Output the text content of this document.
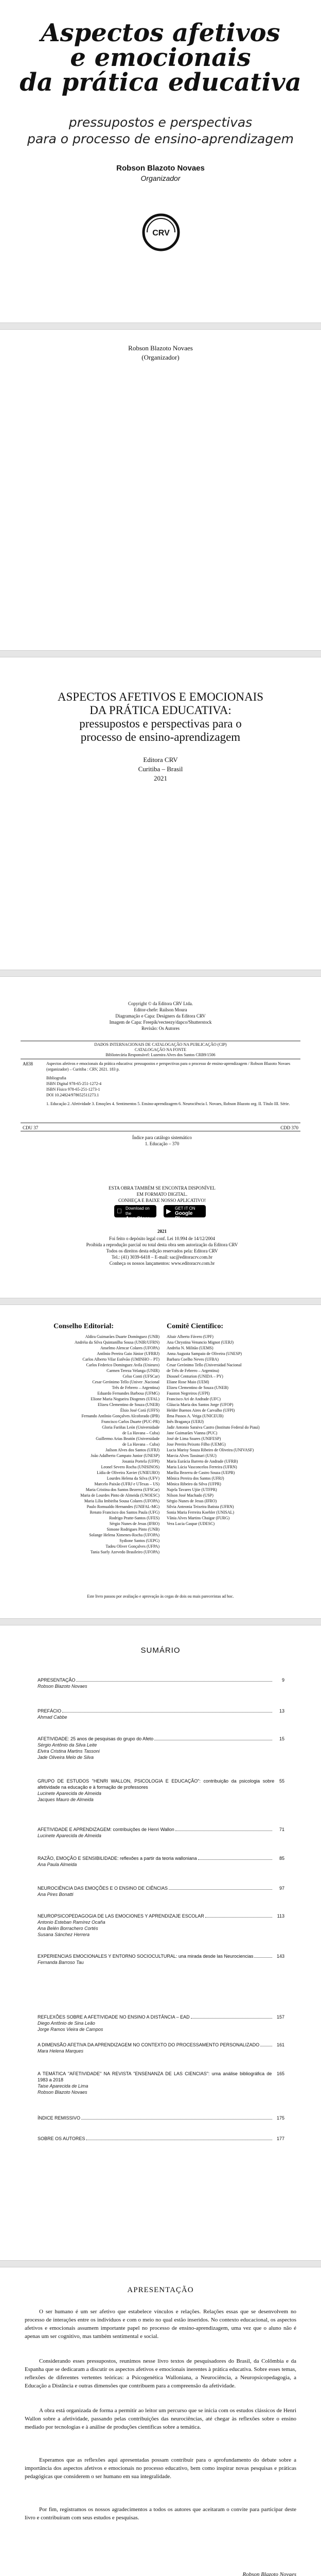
Aspectos afetivos
e emocionais
da prática educativa
pressupostos e perspectivas
para o processo de ensino-aprendizagem
Robson Blazoto Novaes
Organizador
CRV
Robson Blazoto Novaes
(Organizador)
ASPECTOS AFETIVOS E EMOCIONAIS
DA PRÁTICA EDUCATIVA:
pressupostos e perspectivas para o
processo de ensino-aprendizagem
Editora CRV
Curitiba – Brasil
2021
Copyright © da Editora CRV Ltda.
Editor-chefe: Railson Moura
Diagramação e Capa: Designers da Editora CRV
Imagem de Capa: Freepik/vecteezy/dapco/Shutterstock
Revisão: Os Autores
DADOS INTERNACIONAIS DE CATALOGAÇÃO NA PUBLICAÇÃO (CIP)
CATALOGAÇÃO NA FONTE
Bibliotecária Responsável: Luzenira Alves dos Santos CRB9/1506
A838	Aspectos afetivos e emocionais da prática educativa: pressupostos e perspectivas para o processo de ensino-aprendizagem / Robson Blazoto Novaes (organizador) – Curitiba : CRV, 2021. 183 p.
Bibliografia
ISBN Digital 978-65-251-1272-4
ISBN Físico 978-65-251-1273-1
DOI 10.24824/978652511273.1
1. Educação 2. Afetividade 3. Emoções 4. Sentimentos 5. Ensino-aprendizagem 6. Neurociência I. Novaes, Robson Blazoto org. II. Título III. Série.
CDU 37	CDD 370
Índice para catálogo sistemático
1. Educação – 370
ESTA OBRA TAMBÉM SE ENCONTRA DISPONÍVEL
EM FORMATO DIGITAL.
CONHEÇA E BAIXE NOSSO APLICATIVO!
Download on the
App Store
▶ GET IT ON
Google Play
2021
Foi feito o depósito legal conf. Lei 10.994 de 14/12/2004
Proibida a reprodução parcial ou total desta obra sem autorização da Editora CRV
Todos os direitos desta edição reservados pela: Editora CRV
Tel.: (41) 3039-6418 – E-mail: sac@editoracrv.com.br
Conheça os nossos lançamentos: www.editoracrv.com.br
Conselho Editorial:	Comitê Científico:
Aldira Guimarães Duarte Domínguez (UNB)
Andréia da Silva Quintanilha Sousa (UNIR/UFRN)
Anselmo Alencar Colares (UFOPA)
Antônio Pereira Gaio Júnior (UFRRJ)
Carlos Alberto Vilar Estêvão (UMINHO – PT)
Carlos Federico Dominguez Avila (Unieuro)
Carmen Tereza Velanga (UNIR)
Celso Conti (UFSCar)
Cesar Gerónimo Tello (Univer .Nacional
Três de Febrero – Argentina)
Eduardo Fernandes Barbosa (UFMG)
Elione Maria Nogueira Diogenes (UFAL)
Elizeu Clementino de Souza (UNEB)
Élsio José Corá (UFFS)
Fernando Antônio Gonçalves Alcoforado (IPB)
Francisco Carlos Duarte (PUC-PR)
Gloria Fariñas León (Universidade
de La Havana – Cuba)
Guillermo Arias Beatón (Universidade
de La Havana – Cuba)
Jailson Alves dos Santos (UFRJ)
João Adalberto Campato Junior (UNESP)
Josania Portela (UFPI)
Leonel Severo Rocha (UNISINOS)
Lídia de Oliveira Xavier (UNIEURO)
Lourdes Helena da Silva (UFV)
Marcelo Paixão (UFRJ e UTexas – US)
Maria Cristina dos Santos Bezerra (UFSCar)
Maria de Lourdes Pinto de Almeida (UNOESC)
Maria Lília Imbiriba Sousa Colares (UFOPA)
Paulo Romualdo Hernandes (UNIFAL-MG)
Renato Francisco dos Santos Paula (UFG)
Rodrigo Pratte-Santos (UFES)
Sérgio Nunes de Jesus (IFRO)
Simone Rodrigues Pinto (UNB)
Solange Helena Ximenes-Rocha (UFOPA)
Sydione Santos (UEPG)
Tadeu Oliver Gonçalves (UFPA)
Tania Suely Azevedo Brasileiro (UFOPA)
Altair Alberto Fávero (UPF)
Ana Chrystina Venancio Mignot (UERJ)
Andréia N. Militão (UEMS)
Anna Augusta Sampaio de Oliveira (UNESP)
Barbara Coelho Neves (UFBA)
Cesar Gerónimo Tello (Universidad Nacional
de Três de Febrero – Argentina)
Diosnel Centurion (UNIDA – PY)
Eliane Rose Maio (UEM)
Elizeu Clementino de Souza (UNEB)
Fauston Negreiros (UFPI)
Francisco Ari de Andrade (UFC)
Gláucia Maria dos Santos Jorge (UFOP)
Helder Buenos Aires de Carvalho (UFPI)
Ilma Passos A. Veiga (UNICEUB)
Inês Bragança (UERJ)
Jadir Antonio Saraiva Castro (Instituto Federal do Piauí)
Jane Guimarães Vianna (PUC)
José de Lima Soares (UNIFESP)
Jose Pereira Peixoto Filho (UEMG)
Lucia Marisy Souza Ribeiro de Oliveira (UNIVASF)
Marcia Alves Tassinari (USU)
Maria Eurácia Barreto de Andrade (UFRB)
Maria Lúcia Vasconcelos Ferreira (UFRN)
Marília Bezerra de Castro Souza (UEPB)
Mônica Pereira dos Santos (UFRJ)
Mônica Ribeiro da Silva (UFPR)
Najela Tavares Ujiie (UTFPR)
Nilson José Machado (USP)
Sérgio Nunes de Jesus (IFRO)
Silvia Anteonia Teixeira Batista (UFRN)
Sonia Maria Ferreira Koehler (UNISAL)
Vânia Alves Martins Chaigar (FURG)
Vera Lucia Gaspar (UDESC)
Este livro passou por avaliação e aprovação às cegas de dois ou mais pareceristas ad hoc.
SUMÁRIO
APRESENTAÇÃO	9
Robson Blazoto Novaes
PREFÁCIO	13
Ahmad Cabbe
AFETIVIDADE: 25 anos de pesquisas do grupo do Afeto	15
Sérgio Antônio da Silva Leite
Elvira Cristina Martins Tassoni
Jade Oliveira Melo de Silva
GRUPO DE ESTUDOS "HENRI WALLON, PSICOLOGIA E EDUCAÇÃO": contribuição da psicologia sobre afetividade na educação e à formação de professores
55
Lucinete Aparecida de Almeida
Jacques Mauro de Almeida
AFETIVIDADE E APRENDIZAGEM: contribuições de Henri Wallon	71
Lucinete Aparecida de Almeida
RAZÃO, EMOÇÃO E SENSIBILIDADE: reflexões a partir da teoria walloniana	85
Ana Paula Almeida
NEUROCIÊNCIA DAS EMOÇÕES E O ENSINO DE CIÊNCIAS	97
Ana Pires Bonatti
NEUROPSICOPEDAGOGIA DE LAS EMOCIONES Y APRENDIZAJE ESCOLAR	113
Antonio Esteban Ramírez Ocaña
Ana Belén Borrachero Cortés
Susana Sánchez Herrera
EXPERIENCIAS EMOCIONALES Y ENTORNO SOCIOCULTURAL: una mirada desde las Neurociencias	143
Fernanda Barroso Tau
REFLEXÕES SOBRE A AFETIVIDADE NO ENSINO A DISTÂNCIA – EAD	157
Diego Antônio de Sina Leão
Jorge Ramos Vieira de Campos
A DIMENSÃO AFETIVA DA APRENDIZAGEM NO CONTEXTO DO PROCESSAMENTO PERSONALIZADO	161
Mara Helena Marques
A TEMÁTICA "AFETIVIDADE" NA REVISTA "ENSENANZA DE LAS CIENCIAS": uma análise bibliográfica de 1983 a 2018
165
Taise Aparecida de Lima
Robson Blazoto Novaes
ÍNDICE REMISSIVO	175
SOBRE OS AUTORES	177
APRESENTAÇÃO
O ser humano é um ser afetivo que estabelece vínculos e relações. Relações essas que se desenvolvem no processo de interações entre os indivíduos e com o meio no qual estão inseridos. No contexto educacional, os aspectos afetivos e emocionais assumem importante papel no processo de ensino-aprendizagem, uma vez que o aluno não é apenas um ser cognitivo, mas também sentimental e social.
Considerando esses pressupostos, reunimos nesse livro textos de pesquisadores do Brasil, da Colômbia e da Espanha que se dedicaram a discutir os aspectos afetivos e emocionais inerentes à prática educativa. Sobre esses temas, reflexões de diferentes vertentes teóricas: a Psicogenética Walloniana, a Neurociência, a Neuropsicopedagogia, a Educação a Distância e outras dimensões que contribuem para a compreensão da afetividade.
A obra está organizada de forma a permitir ao leitor um percurso que se inicia com os estudos clássicos de Henri Wallon sobre a afetividade, passando pelas contribuições das neurociências, até chegar às reflexões sobre o ensino mediado por tecnologias e à análise de produções científicas sobre a temática.
Esperamos que as reflexões aqui apresentadas possam contribuir para o aprofundamento do debate sobre a importância dos aspectos afetivos e emocionais no processo educativo, bem como inspirar novas pesquisas e práticas pedagógicas que considerem o ser humano em sua integralidade.
Por fim, registramos os nossos agradecimentos a todos os autores que aceitaram o convite para participar deste livro e contribuíram com seus estudos e pesquisas.
Robson Blazoto Novaes
